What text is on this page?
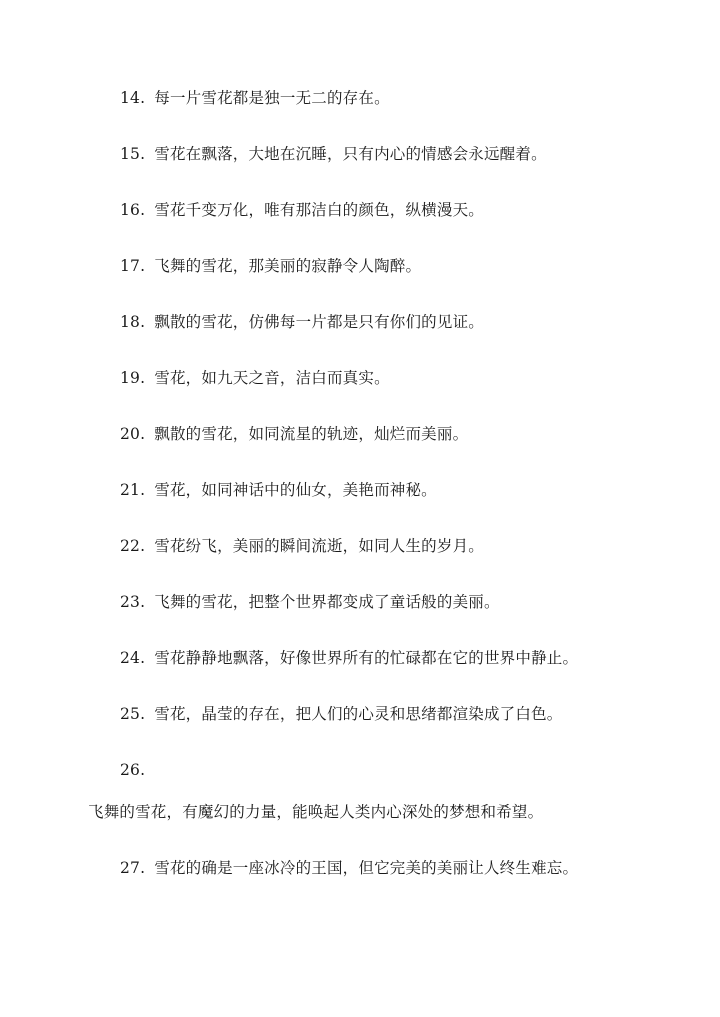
14. 每一片雪花都是独一无二的存在。
15. 雪花在飘落，大地在沉睡，只有内心的情感会永远醒着。
16. 雪花千变万化，唯有那洁白的颜色，纵横漫天。
17. 飞舞的雪花，那美丽的寂静令人陶醉。
18. 飘散的雪花，仿佛每一片都是只有你们的见证。
19. 雪花，如九天之音，洁白而真实。
20. 飘散的雪花，如同流星的轨迹，灿烂而美丽。
21. 雪花，如同神话中的仙女，美艳而神秘。
22. 雪花纷飞，美丽的瞬间流逝，如同人生的岁月。
23. 飞舞的雪花，把整个世界都变成了童话般的美丽。
24. 雪花静静地飘落，好像世界所有的忙碌都在它的世界中静止。
25. 雪花，晶莹的存在，把人们的心灵和思绪都渲染成了白色。
26.
飞舞的雪花，有魔幻的力量，能唤起人类内心深处的梦想和希望。
27. 雪花的确是一座冰冷的王国，但它完美的美丽让人终生难忘。
